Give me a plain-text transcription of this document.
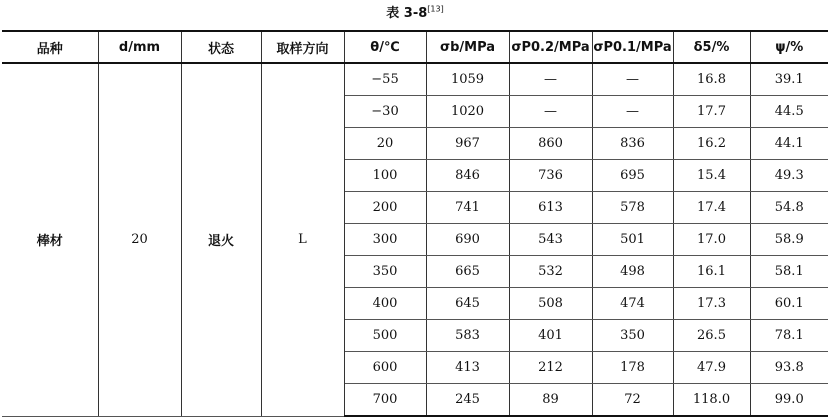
表 3-8[13]
品种	d/mm	状态	取样方向	θ/℃	σb/MPa	σP0.2/MPa	σP0.1/MPa	δ5/%	ψ/%
棒材	20	退火	L	−55	1059	—	—	16.8	39.1
				−30	1020	—	—	17.7	44.5
				20	967	860	836	16.2	44.1
				100	846	736	695	15.4	49.3
				200	741	613	578	17.4	54.8
				300	690	543	501	17.0	58.9
				350	665	532	498	16.1	58.1
				400	645	508	474	17.3	60.1
				500	583	401	350	26.5	78.1
				600	413	212	178	47.9	93.8
				700	245	89	72	118.0	99.0
